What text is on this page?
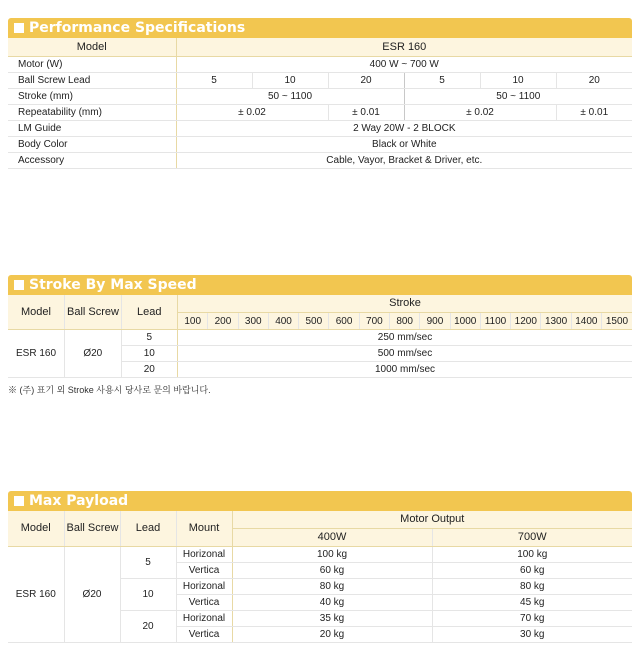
Performance Specifications
Model	ESR 160					
Motor (W)	400 W ~ 700 W					
Ball Screw Lead	5	10	20	5	10	20
Stroke (mm)	50 ~ 1100			50 ~ 1100		
Repeatability (mm)	± 0.02		± 0.01	± 0.02		± 0.01
LM Guide	2 Way 20W - 2 BLOCK					
Body Color	Black or White					
Accessory	Cable, Vayor, Bracket & Driver, etc.					
Stroke By Max Speed
Model	Ball Screw	Lead	Stroke														
			100	200	300	400	500	600	700	800	900	1000	1100	1200	1300	1400	1500
ESR 160	Ø20	5	250 mm/sec														
		10	500 mm/sec														
		20	1000 mm/sec														
※ (주) 표기 외 Stroke 사용시 당사로 문의 바랍니다.
Max Payload
Model	Ball Screw	Lead	Mount	Motor Output	
				400W	700W
ESR 160	Ø20	5	Horizonal	100 kg	100 kg
			Vertica	60 kg	60 kg
		10	Horizonal	80 kg	80 kg
			Vertica	40 kg	45 kg
		20	Horizonal	35 kg	70 kg
			Vertica	20 kg	30 kg
